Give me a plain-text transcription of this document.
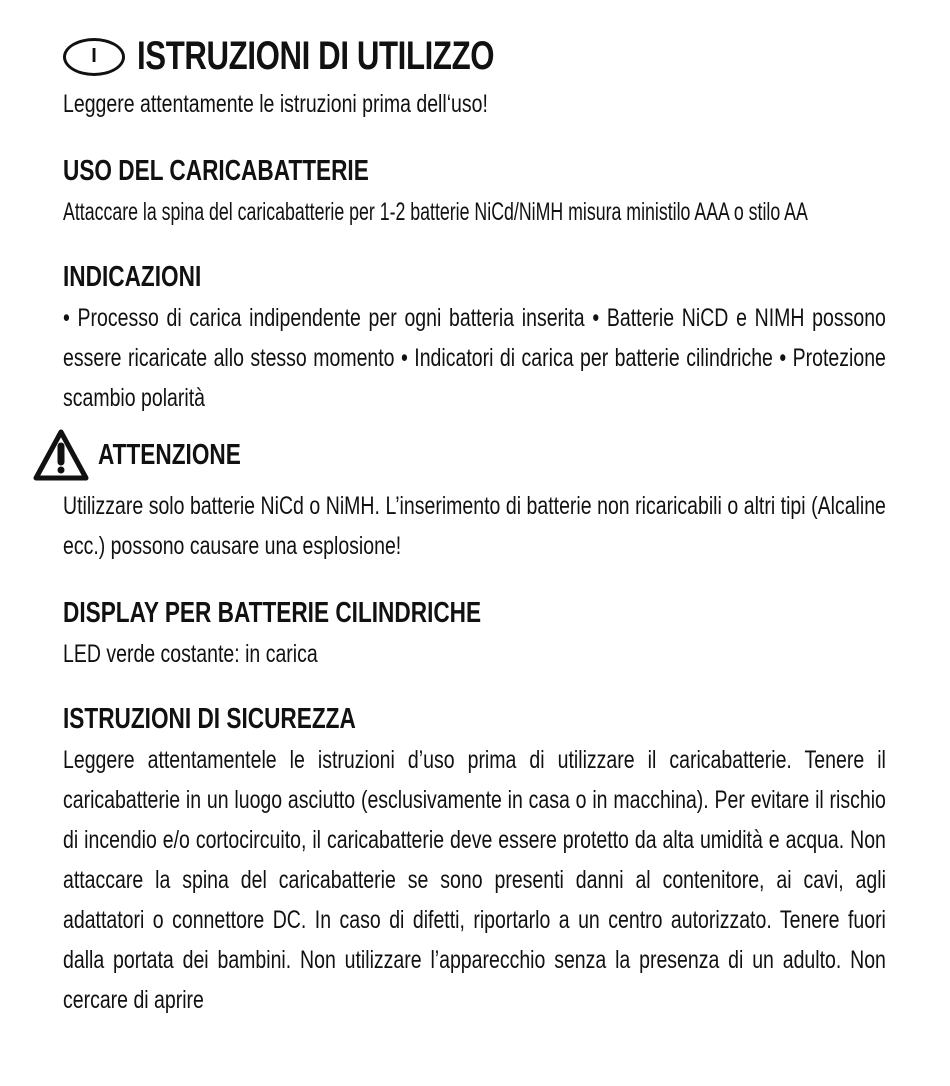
I	ISTRUZIONI DI UTILIZZO

Leggere attentamente le istruzioni prima dell‘uso!

USO DEL CARICABATTERIE

Attaccare la spina del caricabatterie per 1-2 batterie NiCd/NiMH misura ministilo AAA o stilo AA

INDICAZIONI

• Processo di carica indipendente per ogni batteria inserita • Batterie NiCD e NIMH possono essere ricaricate allo stesso momento • Indicatori di carica per batterie cilindriche • Protezione scambio polarità

ATTENZIONE

Utilizzare solo batterie NiCd o NiMH. L’inserimento di batterie non ricaricabili o altri tipi (Alcaline ecc.) possono causare una esplosione!

DISPLAY PER BATTERIE CILINDRICHE

LED verde costante: in carica

ISTRUZIONI DI SICUREZZA

Leggere attentamentele le istruzioni d’uso prima di utilizzare il caricabatterie. Tenere il caricabatterie in un luogo asciutto (esclusivamente in casa o in macchina). Per evitare il rischio di incendio e/o cortocircuito, il caricabatterie deve essere protetto da alta umidità e acqua. Non attaccare la spina del caricabatterie se sono presenti danni al contenitore, ai cavi, agli adattatori o connettore DC. In caso di difetti, riportarlo a un centro autorizzato. Tenere fuori dalla portata dei bambini. Non utilizzare l’apparecchio senza la presenza di un adulto. Non cercare di aprire
